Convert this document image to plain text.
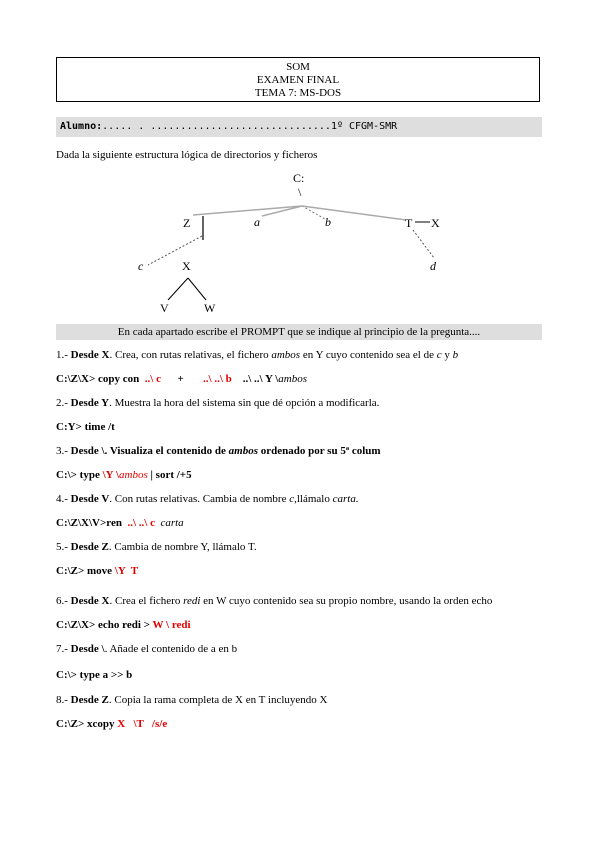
SOM
EXAMEN FINAL
TEMA 7: MS-DOS
Alumno:..... . ..............................1º CFGM-SMR
Dada la siguiente estructura lógica de directorios y ficheros
C:
\
Z	a	b	T X
c	X	d
V	W
En cada apartado escribe el PROMPT que se indique al principio de la pregunta....
1.- Desde X. Crea, con rutas relativas, el fichero ambos en Y cuyo contenido sea el de c y b
C:\Z\X> copy con  ..\ c      +       ..\ ..\ b    ..\ ..\ Y \ambos
2.- Desde Y. Muestra la hora del sistema sin que dé opción a modificarla.
C:Y> time /t
3.- Desde \. Visualiza el contenido de ambos ordenado por su 5ª colum
C:\> type \Y \ambos | sort /+5
4.- Desde V. Con rutas relativas. Cambia de nombre c,llámalo carta.
C:\Z\X\V>ren  ..\ ..\ c  carta
5.- Desde Z. Cambia de nombre Y, llámalo T.
C:\Z> move \Y  T
6.- Desde X. Crea el fichero redi en W cuyo contenido sea su propio nombre, usando la orden echo
C:\Z\X> echo redi > W \ redi
7.- Desde \. Añade el contenido de a en b
C:\> type a >> b
8.- Desde Z. Copia la rama completa de X en T incluyendo X
C:\Z> xcopy X   \T   /s/e
